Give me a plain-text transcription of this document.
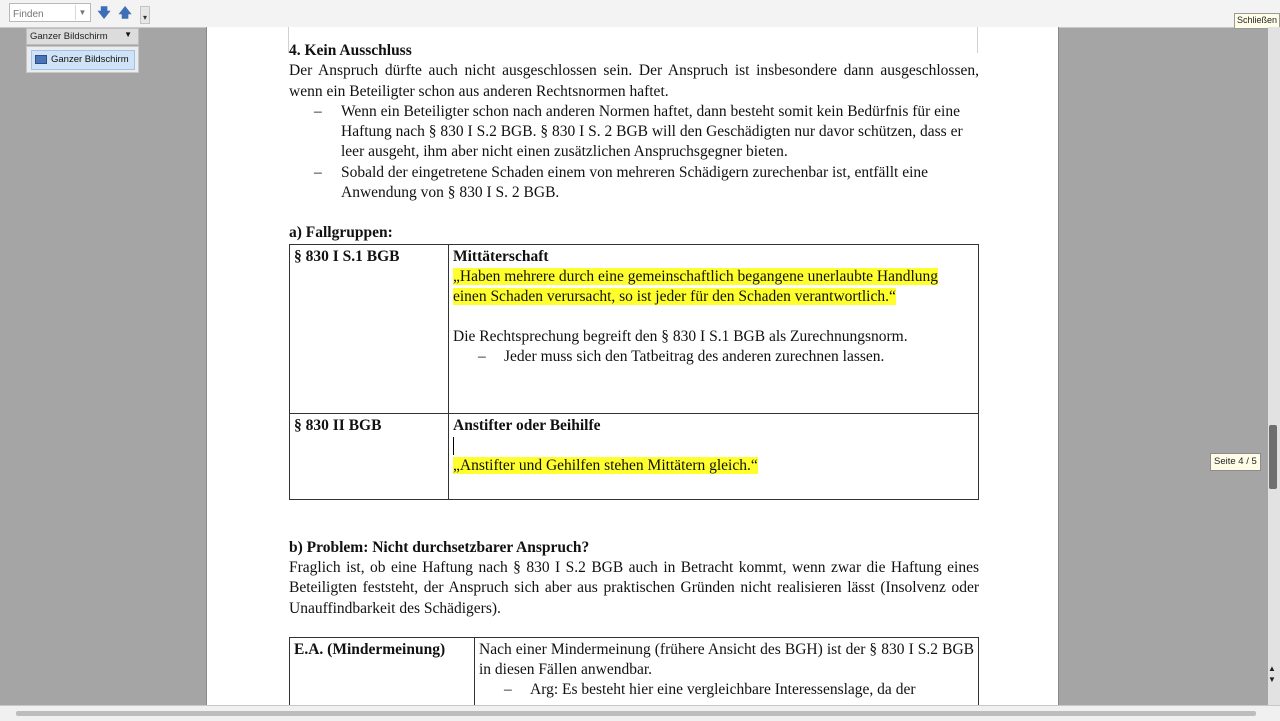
Finden
▼ 🡇 🡅	▾	Schließen
Ganzer Bildschirm ▼
Ganzer Bildschirm

4. Kein Ausschluss

Der Anspruch dürfte auch nicht ausgeschlossen sein. Der Anspruch ist insbesondere dann ausgeschlossen, wenn ein Beteiligter schon aus anderen Rechtsnormen haftet.

– Wenn ein Beteiligter schon nach anderen Normen haftet, dann besteht somit kein Bedürfnis für eine Haftung nach § 830 I S.2 BGB. § 830 I S. 2 BGB will den Geschädigten nur davor schützen, dass er leer ausgeht, ihm aber nicht einen zusätzlichen Anspruchsgegner bieten.
– Sobald der eingetretene Schaden einem von mehreren Schädigern zurechenbar ist, entfällt eine Anwendung von § 830 I S. 2 BGB.

a) Fallgruppen:

§ 830 I S.1 BGB	Mittäterschaft
„Haben mehrere durch eine gemeinschaftlich begangene unerlaubte Handlung einen Schaden verursacht, so ist jeder für den Schaden verantwortlich.“
Die Rechtsprechung begreift den § 830 I S.1 BGB als Zurechnungsnorm.
– Jeder muss sich den Tatbeitrag des anderen zurechnen lassen.

§ 830 II BGB	Anstifter oder Beihilfe
„Anstifter und Gehilfen stehen Mittätern gleich.“

b) Problem: Nicht durchsetzbarer Anspruch?

Fraglich ist, ob eine Haftung nach § 830 I S.2 BGB auch in Betracht kommt, wenn zwar die Haftung eines Beteiligten feststeht, der Anspruch sich aber aus praktischen Gründen nicht realisieren lässt (Insolvenz oder Unauffindbarkeit des Schädigers).

E.A. (Mindermeinung)	Nach einer Mindermeinung (frühere Ansicht des BGH) ist der § 830 I S.2 BGB in diesen Fällen anwendbar.
– Arg: Es besteht hier eine vergleichbare Interessenslage, da der
Seite 4 / 5
▲
▼
